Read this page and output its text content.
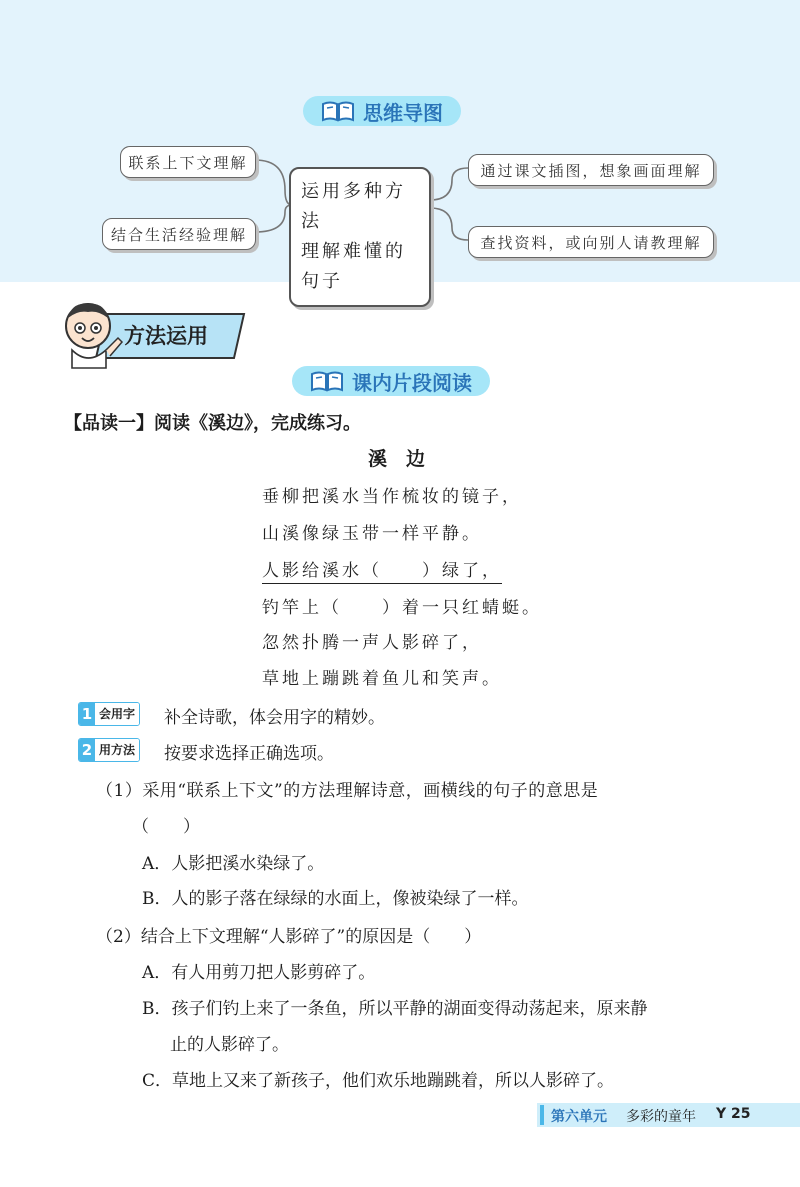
思维导图
联系上下文理解
结合生活经验理解
运用多种方法
理解难懂的句子
通过课文插图，想象画面理解
查找资料，或向别人请教理解
方法运用
课内片段阅读
【品读一】阅读《溪边》，完成练习。
溪　边
垂柳把溪水当作梳妆的镜子，
山溪像绿玉带一样平静。
人影给溪水（　　）绿了，
钓竿上（　　）着一只红蜻蜓。
忽然扑腾一声人影碎了，
草地上蹦跳着鱼儿和笑声。
1 会用字 补全诗歌，体会用字的精妙。
2 用方法 按要求选择正确选项。
（1）采用“联系上下文”的方法理解诗意，画横线的句子的意思是
（　　）
A．人影把溪水染绿了。
B．人的影子落在绿绿的水面上，像被染绿了一样。
（2）结合上下文理解“人影碎了”的原因是（　　）
A．有人用剪刀把人影剪碎了。
B．孩子们钓上来了一条鱼，所以平静的湖面变得动荡起来，原来静
止的人影碎了。
C．草地上又来了新孩子，他们欢乐地蹦跳着，所以人影碎了。
第六单元 多彩的童年 Y 25
